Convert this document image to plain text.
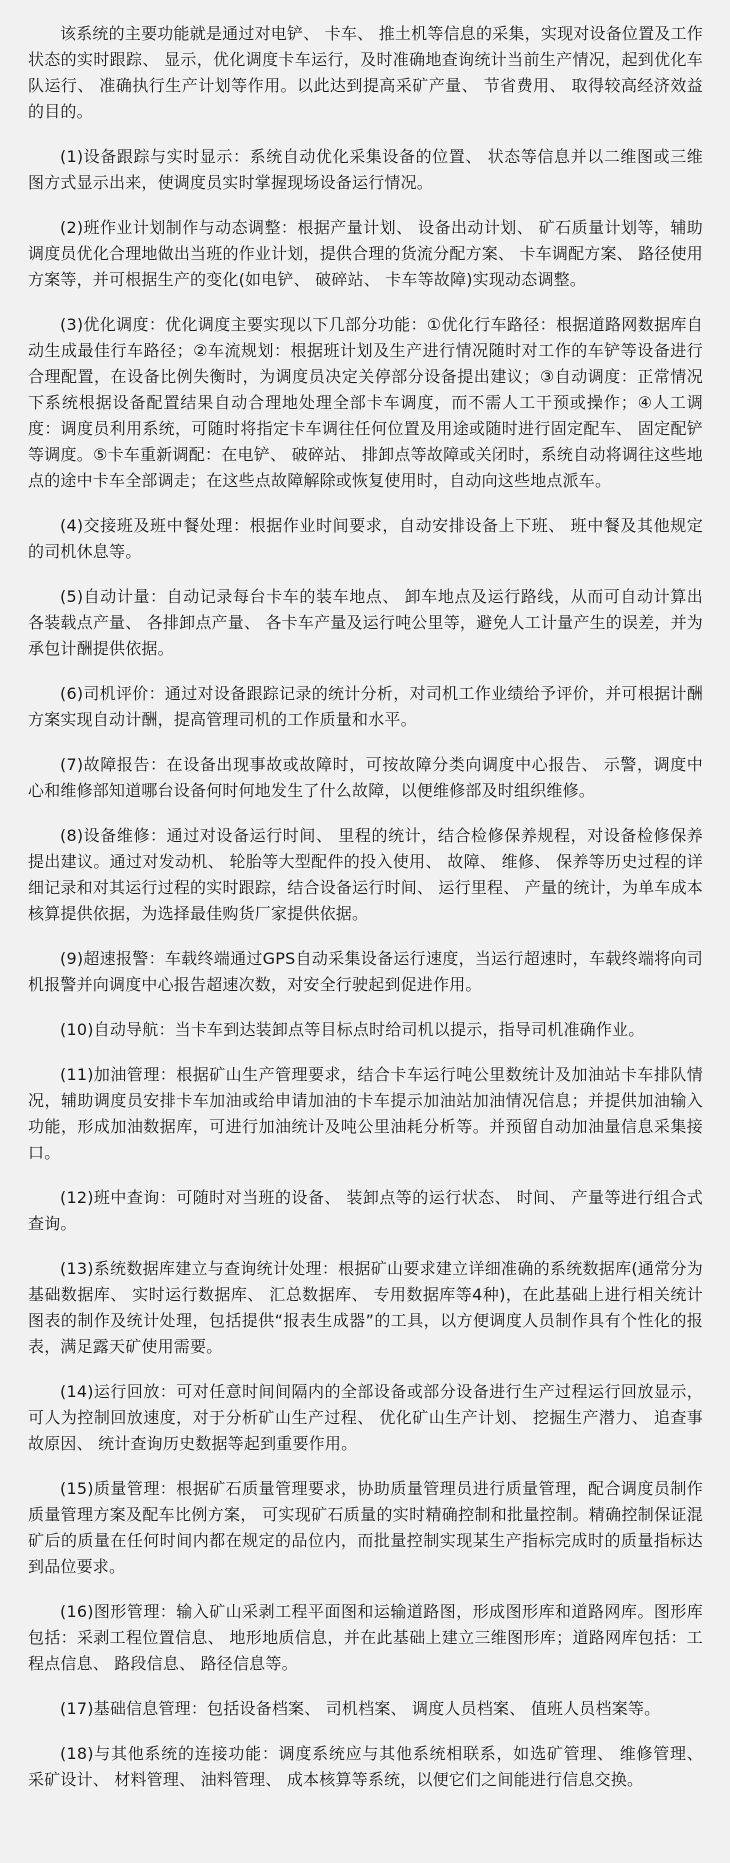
该系统的主要功能就是通过对电铲、 卡车、 推土机等信息的采集，实现对设备位置及工作状态的实时跟踪、 显示，优化调度卡车运行，及时准确地查询统计当前生产情况，起到优化车队运行、 准确执行生产计划等作用。以此达到提高采矿产量、 节省费用、 取得较高经济效益的目的。

(1)设备跟踪与实时显示：系统自动优化采集设备的位置、 状态等信息并以二维图或三维图方式显示出来，使调度员实时掌握现场设备运行情况。

(2)班作业计划制作与动态调整：根据产量计划、 设备出动计划、 矿石质量计划等，辅助调度员优化合理地做出当班的作业计划，提供合理的货流分配方案、 卡车调配方案、 路径使用方案等，并可根据生产的变化(如电铲、 破碎站、 卡车等故障)实现动态调整。

(3)优化调度：优化调度主要实现以下几部分功能：①优化行车路径：根据道路网数据库自动生成最佳行车路径；②车流规划：根据班计划及生产进行情况随时对工作的车铲等设备进行合理配置，在设备比例失衡时，为调度员决定关停部分设备提出建议；③自动调度：正常情况下系统根据设备配置结果自动合理地处理全部卡车调度，而不需人工干预或操作；④人工调度：调度员利用系统，可随时将指定卡车调往任何位置及用途或随时进行固定配车、 固定配铲等调度。⑤卡车重新调配：在电铲、 破碎站、 排卸点等故障或关闭时，系统自动将调往这些地点的途中卡车全部调走；在这些点故障解除或恢复使用时，自动向这些地点派车。

(4)交接班及班中餐处理：根据作业时间要求，自动安排设备上下班、 班中餐及其他规定的司机休息等。

(5)自动计量：自动记录每台卡车的装车地点、 卸车地点及运行路线，从而可自动计算出各装载点产量、 各排卸点产量、 各卡车产量及运行吨公里等，避免人工计量产生的误差，并为承包计酬提供依据。

(6)司机评价：通过对设备跟踪记录的统计分析，对司机工作业绩给予评价，并可根据计酬方案实现自动计酬，提高管理司机的工作质量和水平。

(7)故障报告：在设备出现事故或故障时，可按故障分类向调度中心报告、 示警，调度中心和维修部知道哪台设备何时何地发生了什么故障，以便维修部及时组织维修。

(8)设备维修：通过对设备运行时间、 里程的统计，结合检修保养规程，对设备检修保养提出建议。通过对发动机、 轮胎等大型配件的投入使用、 故障、 维修、 保养等历史过程的详细记录和对其运行过程的实时跟踪，结合设备运行时间、 运行里程、 产量的统计，为单车成本核算提供依据，为选择最佳购货厂家提供依据。

(9)超速报警：车载终端通过GPS自动采集设备运行速度，当运行超速时，车载终端将向司机报警并向调度中心报告超速次数，对安全行驶起到促进作用。

(10)自动导航：当卡车到达装卸点等目标点时给司机以提示，指导司机准确作业。

(11)加油管理：根据矿山生产管理要求，结合卡车运行吨公里数统计及加油站卡车排队情况，辅助调度员安排卡车加油或给申请加油的卡车提示加油站加油情况信息；并提供加油输入功能，形成加油数据库，可进行加油统计及吨公里油耗分析等。并预留自动加油量信息采集接口。

(12)班中查询：可随时对当班的设备、 装卸点等的运行状态、 时间、 产量等进行组合式查询。

(13)系统数据库建立与查询统计处理：根据矿山要求建立详细准确的系统数据库(通常分为基础数据库、 实时运行数据库、 汇总数据库、 专用数据库等4种)，在此基础上进行相关统计图表的制作及统计处理，包括提供“报表生成器”的工具，以方便调度人员制作具有个性化的报表，满足露天矿使用需要。

(14)运行回放：可对任意时间间隔内的全部设备或部分设备进行生产过程运行回放显示，可人为控制回放速度，对于分析矿山生产过程、 优化矿山生产计划、 挖掘生产潜力、 追查事故原因、 统计查询历史数据等起到重要作用。

(15)质量管理：根据矿石质量管理要求，协助质量管理员进行质量管理，配合调度员制作质量管理方案及配车比例方案， 可实现矿石质量的实时精确控制和批量控制。精确控制保证混矿后的质量在任何时间内都在规定的品位内，而批量控制实现某生产指标完成时的质量指标达到品位要求。

(16)图形管理：输入矿山采剥工程平面图和运输道路图，形成图形库和道路网库。图形库包括：采剥工程位置信息、 地形地质信息，并在此基础上建立三维图形库；道路网库包括：工程点信息、 路段信息、 路径信息等。

(17)基础信息管理：包括设备档案、 司机档案、 调度人员档案、 值班人员档案等。

(18)与其他系统的连接功能：调度系统应与其他系统相联系，如选矿管理、 维修管理、 采矿设计、 材料管理、 油料管理、 成本核算等系统，以便它们之间能进行信息交换。
